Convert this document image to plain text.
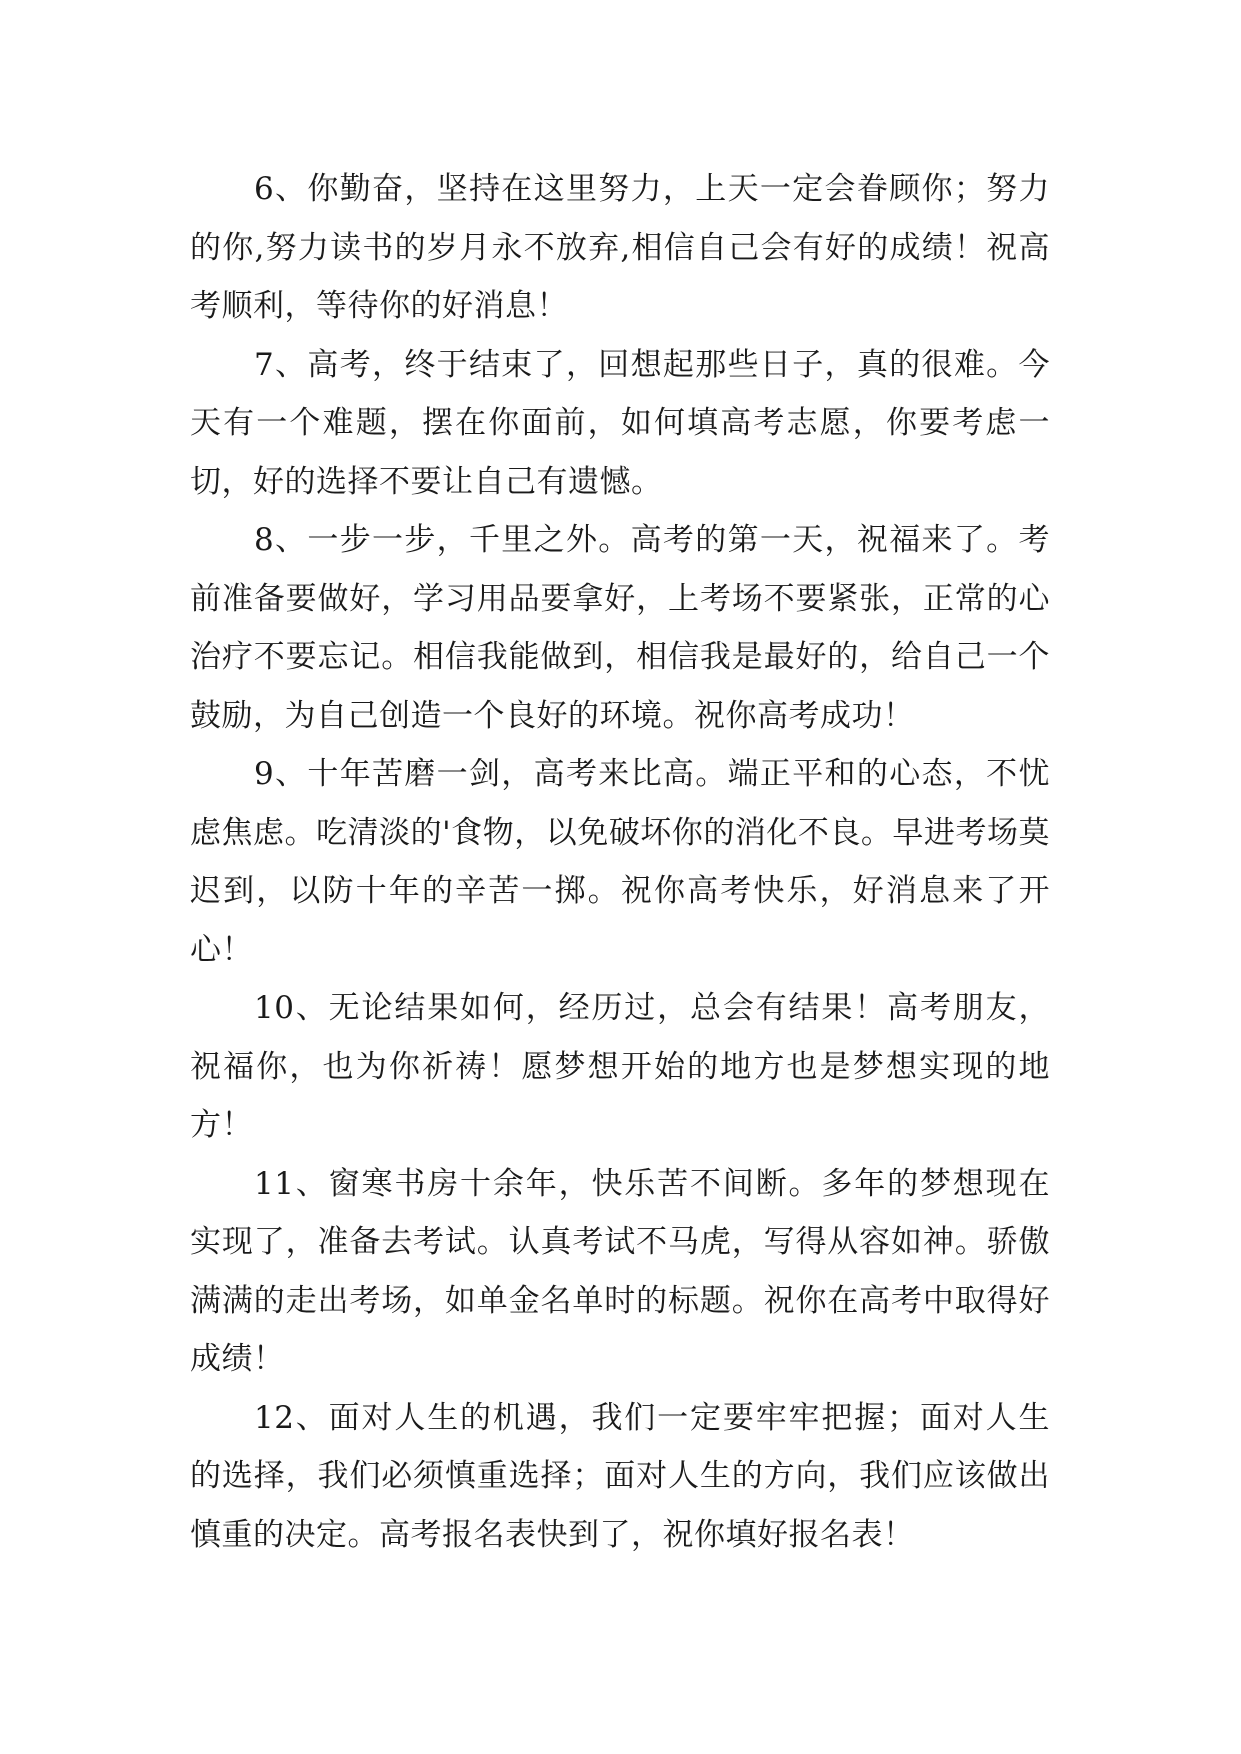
6、你勤奋，坚持在这里努力，上天一定会眷顾你；努力的你,努力读书的岁月永不放弃,相信自己会有好的成绩！祝高考顺利，等待你的好消息！

7、高考，终于结束了，回想起那些日子，真的很难。今天有一个难题，摆在你面前，如何填高考志愿，你要考虑一切，好的选择不要让自己有遗憾。

8、一步一步，千里之外。高考的第一天，祝福来了。考前准备要做好，学习用品要拿好，上考场不要紧张，正常的心治疗不要忘记。相信我能做到，相信我是最好的，给自己一个鼓励，为自己创造一个良好的环境。祝你高考成功！

9、十年苦磨一剑，高考来比高。端正平和的心态，不忧虑焦虑。吃清淡的'食物，以免破坏你的消化不良。早进考场莫迟到，以防十年的辛苦一掷。祝你高考快乐，好消息来了开心！

10、无论结果如何，经历过，总会有结果！高考朋友，祝福你，也为你祈祷！愿梦想开始的地方也是梦想实现的地方！

11、窗寒书房十余年，快乐苦不间断。多年的梦想现在实现了，准备去考试。认真考试不马虎，写得从容如神。骄傲满满的走出考场，如单金名单时的标题。祝你在高考中取得好成绩！

12、面对人生的机遇，我们一定要牢牢把握；面对人生的选择，我们必须慎重选择；面对人生的方向，我们应该做出慎重的决定。高考报名表快到了，祝你填好报名表！
